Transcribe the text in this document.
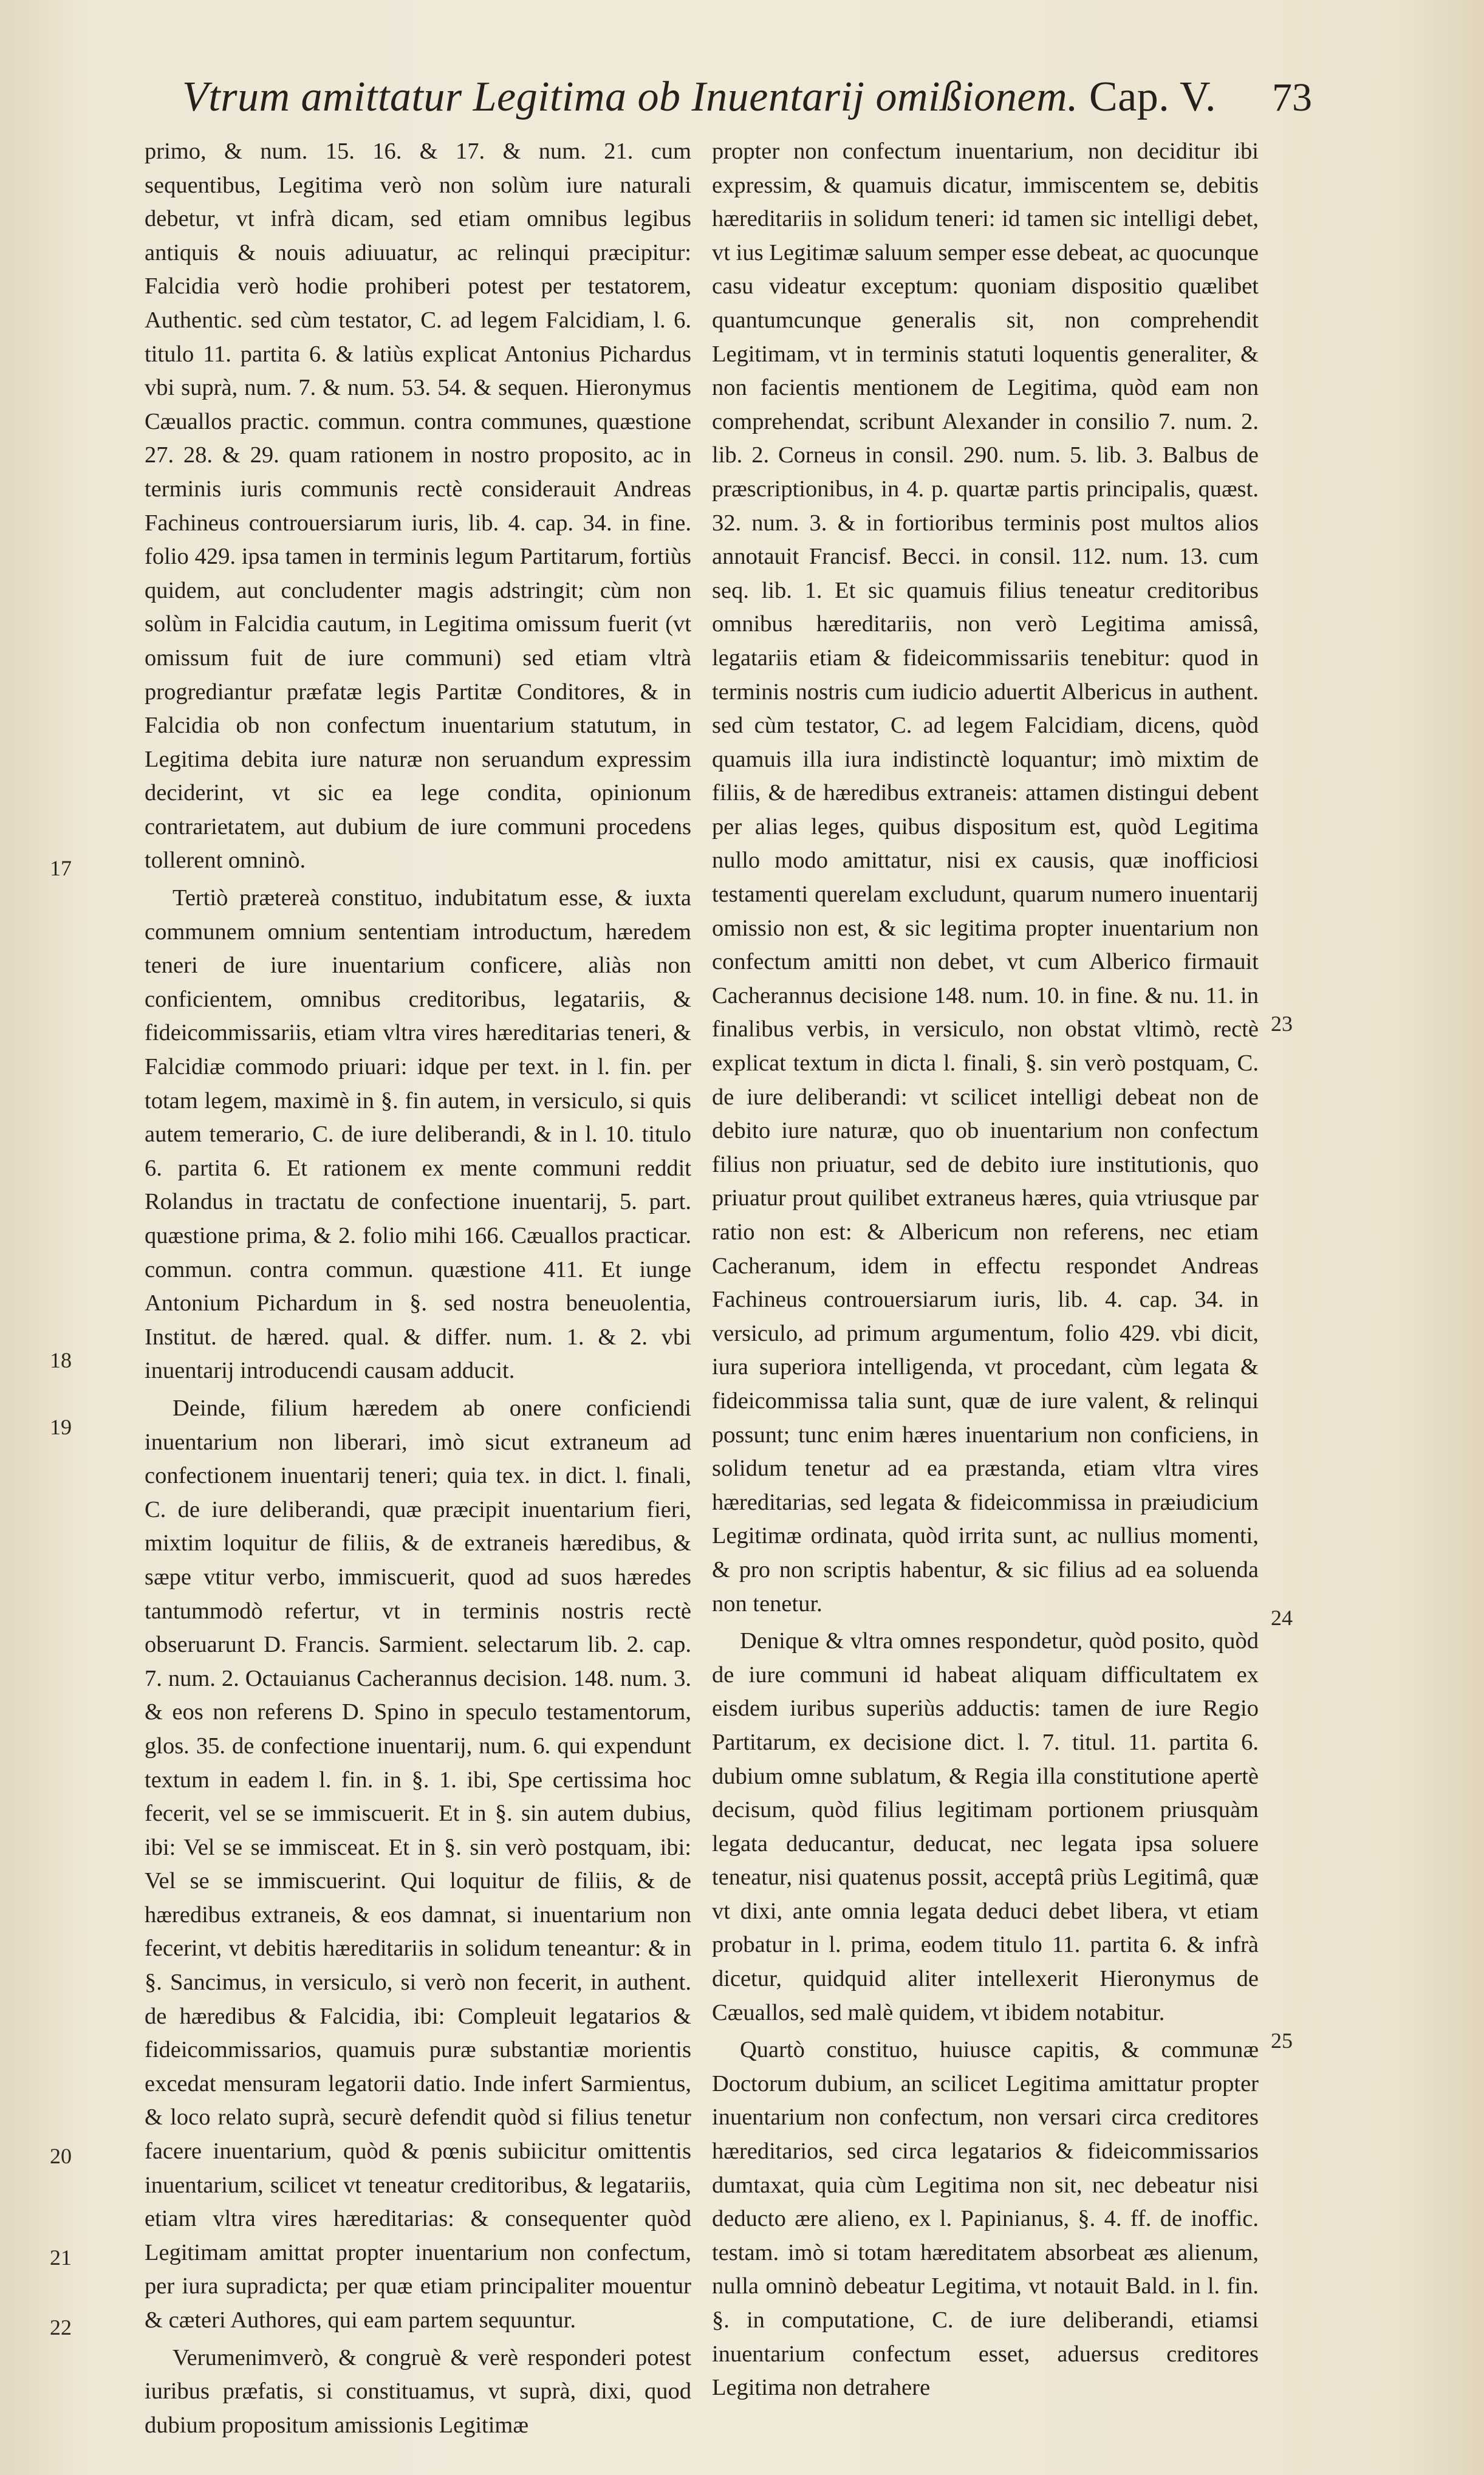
Vtrum amittatur Legitima ob Inuentarij omißionem. Cap. V. 73

primo, & num. 15. 16. & 17. & num. 21. cum sequentibus, Legitima verò non solùm iure naturali debetur, vt infrà dicam, sed etiam omnibus legibus antiquis & nouis adiuuatur, ac relinqui præcipitur: Falcidia verò hodie prohiberi potest per testatorem, Authentic. sed cùm testator, C. ad legem Falcidiam, l. 6. titulo 11. partita 6. & latiùs explicat Antonius Pichardus vbi suprà, num. 7. & num. 53. 54. & sequen. Hieronymus Cæuallos practic. commun. contra communes, quæstione 27. 28. & 29. quam rationem in nostro proposito, ac in terminis iuris communis rectè considerauit Andreas Fachineus controuersiarum iuris, lib. 4. cap. 34. in fine. folio 429. ipsa tamen in terminis legum Partitarum, fortiùs quidem, aut concludenter magis adstringit; cùm non solùm in Falcidia cautum, in Legitima omissum fuerit (vt omissum fuit de iure communi) sed etiam vltrà progrediantur præfatæ legis Partitæ Conditores, & in Falcidia ob non confectum inuentarium statutum, in Legitima debita iure naturæ non seruandum expressim deciderint, vt sic ea lege condita, opinionum contrarietatem, aut dubium de iure communi procedens tollerent omninò.

Tertiò prætereà constituo, indubitatum esse, & iuxta communem omnium sententiam introductum, hæredem teneri de iure inuentarium conficere, aliàs non conficientem, omnibus creditoribus, legatariis, & fideicommissariis, etiam vltra vires hæreditarias teneri, & Falcidiæ commodo priuari: idque per text. in l. fin. per totam legem, maximè in §. fin autem, in versiculo, si quis autem temerario, C. de iure deliberandi, & in l. 10. titulo 6. partita 6. Et rationem ex mente communi reddit Rolandus in tractatu de confectione inuentarij, 5. part. quæstione prima, & 2. folio mihi 166. Cæuallos practicar. commun. contra commun. quæstione 411. Et iunge Antonium Pichardum in §. sed nostra beneuolentia, Institut. de hæred. qual. & differ. num. 1. & 2. vbi inuentarij introducendi causam adducit.

Deinde, filium hæredem ab onere conficiendi inuentarium non liberari, imò sicut extraneum ad confectionem inuentarij teneri; quia tex. in dict. l. finali, C. de iure deliberandi, quæ præcipit inuentarium fieri, mixtim loquitur de filiis, & de extraneis hæredibus, & sæpe vtitur verbo, immiscuerit, quod ad suos hæredes tantummodò refertur, vt in terminis nostris rectè obseruarunt D. Francis. Sarmient. selectarum lib. 2. cap. 7. num. 2. Octauianus Cacherannus decision. 148. num. 3. & eos non referens D. Spino in speculo testamentorum, glos. 35. de confectione inuentarij, num. 6. qui expendunt textum in eadem l. fin. in §. 1. ibi, Spe certissima hoc fecerit, vel se se immiscuerit. Et in §. sin autem dubius, ibi: Vel se se immisceat. Et in §. sin verò postquam, ibi: Vel se se immiscuerint. Qui loquitur de filiis, & de hæredibus extraneis, & eos damnat, si inuentarium non fecerint, vt debitis hæreditariis in solidum teneantur: & in §. Sancimus, in versiculo, si verò non fecerit, in authent. de hæredibus & Falcidia, ibi: Compleuit legatarios & fideicommissarios, quamuis puræ substantiæ morientis excedat mensuram legatorii datio. Inde infert Sarmientus, & loco relato suprà, securè defendit quòd si filius tenetur facere inuentarium, quòd & pœnis subiicitur omittentis inuentarium, scilicet vt teneatur creditoribus, & legatariis, etiam vltra vires hæreditarias: & consequenter quòd Legitimam amittat propter inuentarium non confectum, per iura supradicta; per quæ etiam principaliter mouentur & cæteri Authores, qui eam partem sequuntur.

Verumenimverò, & congruè & verè responderi potest iuribus præfatis, si constituamus, vt suprà, dixi, quod dubium propositum amissionis Legitimæ

propter non confectum inuentarium, non deciditur ibi expressim, & quamuis dicatur, immiscentem se, debitis hæreditariis in solidum teneri: id tamen sic intelligi debet, vt ius Legitimæ saluum semper esse debeat, ac quocunque casu videatur exceptum: quoniam dispositio quælibet quantumcunque generalis sit, non comprehendit Legitimam, vt in terminis statuti loquentis generaliter, & non facientis mentionem de Legitima, quòd eam non comprehendat, scribunt Alexander in consilio 7. num. 2. lib. 2. Corneus in consil. 290. num. 5. lib. 3. Balbus de præscriptionibus, in 4. p. quartæ partis principalis, quæst. 32. num. 3. & in fortioribus terminis post multos alios annotauit Francisf. Becci. in consil. 112. num. 13. cum seq. lib. 1. Et sic quamuis filius teneatur creditoribus omnibus hæreditariis, non verò Legitima amissâ, legatariis etiam & fideicommissariis tenebitur: quod in terminis nostris cum iudicio aduertit Albericus in authent. sed cùm testator, C. ad legem Falcidiam, dicens, quòd quamuis illa iura indistinctè loquantur; imò mixtim de filiis, & de hæredibus extraneis: attamen distingui debent per alias leges, quibus dispositum est, quòd Legitima nullo modo amittatur, nisi ex causis, quæ inofficiosi testamenti querelam excludunt, quarum numero inuentarij omissio non est, & sic legitima propter inuentarium non confectum amitti non debet, vt cum Alberico firmauit Cacherannus decisione 148. num. 10. in fine. & nu. 11. in finalibus verbis, in versiculo, non obstat vltimò, rectè explicat textum in dicta l. finali, §. sin verò postquam, C. de iure deliberandi: vt scilicet intelligi debeat non de debito iure naturæ, quo ob inuentarium non confectum filius non priuatur, sed de debito iure institutionis, quo priuatur prout quilibet extraneus hæres, quia vtriusque par ratio non est: & Albericum non referens, nec etiam Cacheranum, idem in effectu respondet Andreas Fachineus controuersiarum iuris, lib. 4. cap. 34. in versiculo, ad primum argumentum, folio 429. vbi dicit, iura superiora intelligenda, vt procedant, cùm legata & fideicommissa talia sunt, quæ de iure valent, & relinqui possunt; tunc enim hæres inuentarium non conficiens, in solidum tenetur ad ea præstanda, etiam vltra vires hæreditarias, sed legata & fideicommissa in præiudicium Legitimæ ordinata, quòd irrita sunt, ac nullius momenti, & pro non scriptis habentur, & sic filius ad ea soluenda non tenetur.

Denique & vltra omnes respondetur, quòd posito, quòd de iure communi id habeat aliquam difficultatem ex eisdem iuribus superiùs adductis: tamen de iure Regio Partitarum, ex decisione dict. l. 7. titul. 11. partita 6. dubium omne sublatum, & Regia illa constitutione apertè decisum, quòd filius legitimam portionem priusquàm legata deducantur, deducat, nec legata ipsa soluere teneatur, nisi quatenus possit, acceptâ priùs Legitimâ, quæ vt dixi, ante omnia legata deduci debet libera, vt etiam probatur in l. prima, eodem titulo 11. partita 6. & infrà dicetur, quidquid aliter intellexerit Hieronymus de Cæuallos, sed malè quidem, vt ibidem notabitur.

Quartò constituo, huiusce capitis, & communæ Doctorum dubium, an scilicet Legitima amittatur propter inuentarium non confectum, non versari circa creditores hæreditarios, sed circa legatarios & fideicommissarios dumtaxat, quia cùm Legitima non sit, nec debeatur nisi deducto ære alieno, ex l. Papinianus, §. 4. ff. de inoffic. testam. imò si totam hæreditatem absorbeat æs alienum, nulla omninò debeatur Legitima, vt notauit Bald. in l. fin. §. in computatione, C. de iure deliberandi, etiamsi inuentarium confectum esset, aduersus creditores Legitima non detrahere

17
18
19
20
21
22
23
24
25
